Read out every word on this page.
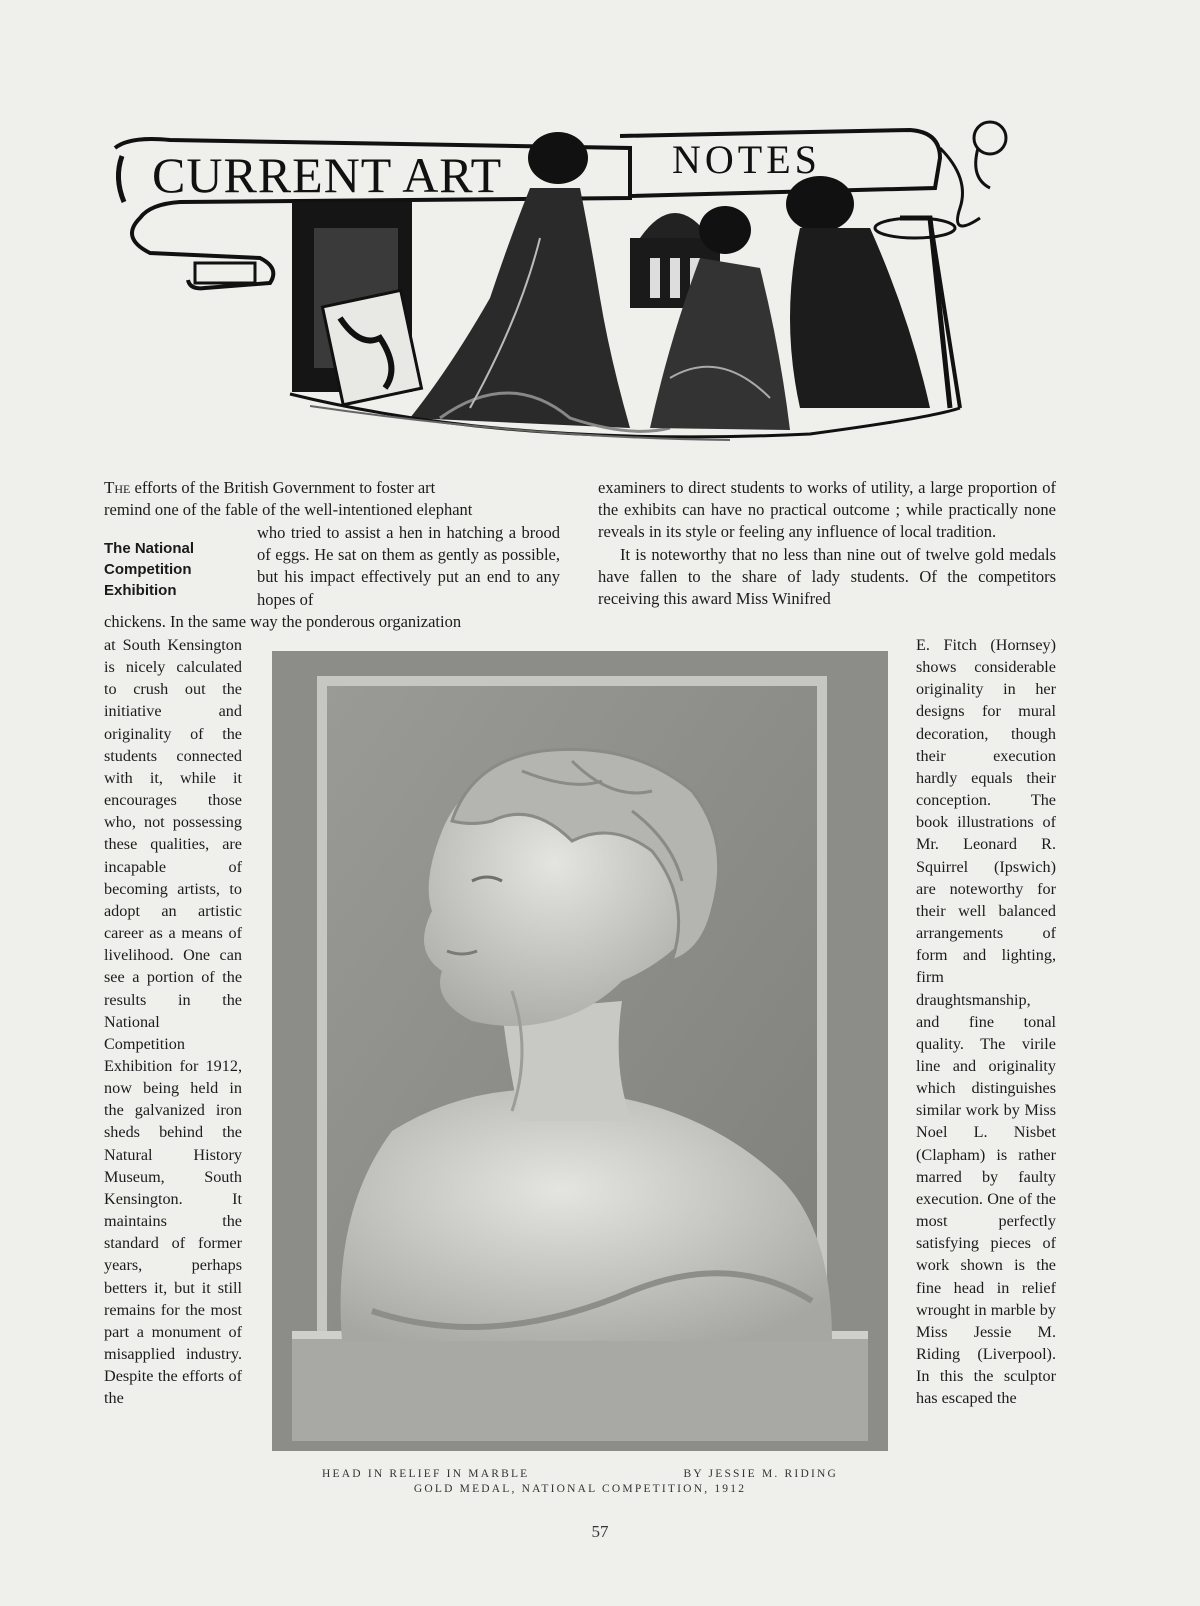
CURRENT ART	NOTES
The efforts of the British Government to foster art
remind one of the fable of the well-intentioned elephant
The National
Competition
Exhibition
who tried to assist a hen in hatching a brood of eggs. He sat on them as gently as possible, but his impact effectively put an end to any hopes of
chickens. In the same way the ponderous organization
at South Kensington is nicely calculated to crush out the initiative and originality of the students connected with it, while it encourages those who, not possessing these qualities, are incapable of becoming artists, to adopt an artistic career as a means of livelihood. One can see a portion of the results in the National Competition Exhibition for 1912, now being held in the galvanized iron sheds behind the Natural History Museum, South Kensington. It maintains the standard of former years, perhaps betters it, but it still remains for the most part a monument of misapplied industry. Despite the efforts of the

examiners to direct students to works of utility, a large proportion of the exhibits can have no practical outcome ; while practically none reveals in its style or feeling any influence of local tradition.

It is noteworthy that no less than nine out of twelve gold medals have fallen to the share of lady students. Of the competitors receiving this award Miss Winifred

E. Fitch (Hornsey) shows considerable originality in her designs for mural decoration, though their execution hardly equals their conception. The book illustrations of Mr. Leonard R. Squirrel (Ipswich) are noteworthy for their well balanced arrangements of form and lighting, firm draughtsmanship, and fine tonal quality. The virile line and originality which distinguishes similar work by Miss Noel L. Nisbet (Clapham) is rather marred by faulty execution. One of the most perfectly satisfying pieces of work shown is the fine head in relief wrought in marble by Miss Jessie M. Riding (Liverpool). In this the sculptor has escaped the
HEAD IN RELIEF IN MARBLE	BY JESSIE M. RIDING
GOLD MEDAL, NATIONAL COMPETITION, 1912
57
